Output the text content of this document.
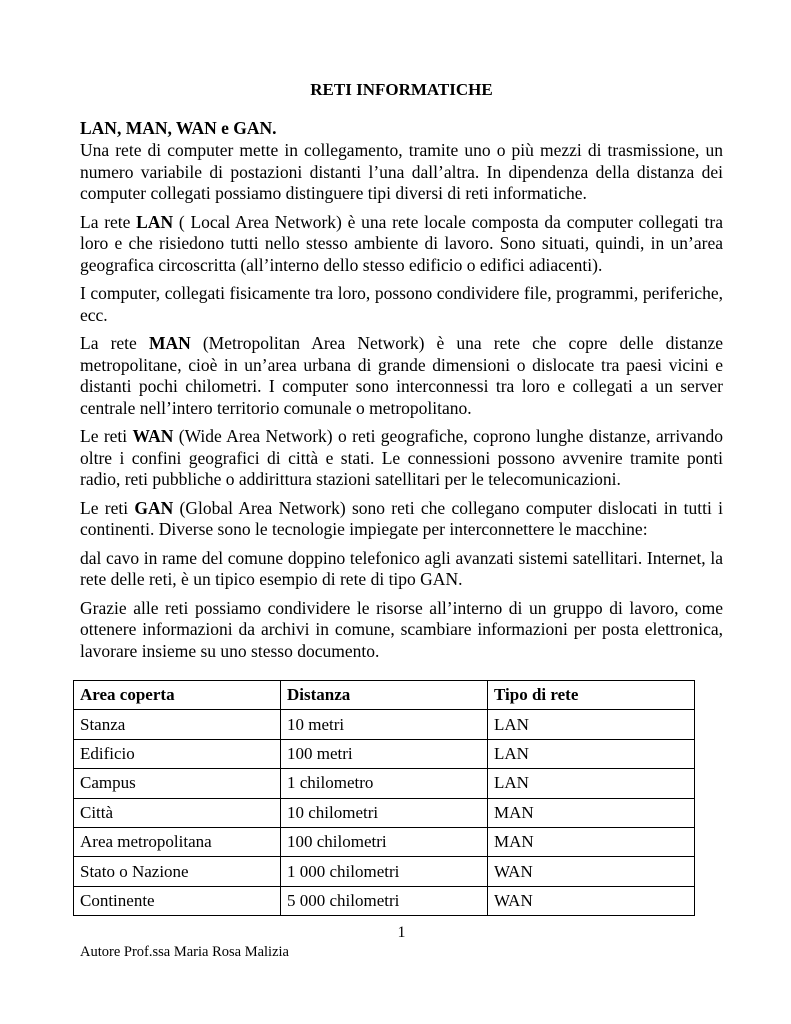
RETI INFORMATICHE
LAN, MAN, WAN e GAN.

Una rete di computer mette in collegamento, tramite uno o più mezzi di trasmissione, un numero variabile di postazioni distanti l’una dall’altra. In dipendenza della distanza dei computer collegati possiamo distinguere tipi diversi di reti informatiche.

La rete LAN ( Local Area Network) è una rete locale composta da computer collegati tra loro e che risiedono tutti nello stesso ambiente di lavoro. Sono situati, quindi, in un’area geografica circoscritta (all’interno dello stesso edificio o edifici adiacenti).

I computer, collegati fisicamente tra loro, possono condividere file, programmi, periferiche, ecc.

La rete MAN (Metropolitan Area Network) è una rete che copre delle distanze metropolitane, cioè in un’area urbana di grande dimensioni o dislocate tra paesi vicini e distanti pochi chilometri. I computer sono interconnessi tra loro e collegati a un server centrale nell’intero territorio comunale o metropolitano.

Le reti WAN (Wide Area Network) o reti geografiche, coprono lunghe distanze, arrivando oltre i confini geografici di città e stati. Le connessioni possono avvenire tramite ponti radio, reti pubbliche o addirittura stazioni satellitari per le telecomunicazioni.

Le reti GAN (Global Area Network) sono reti che collegano computer dislocati in tutti i continenti. Diverse sono le tecnologie impiegate per interconnettere le macchine:

dal cavo in rame del comune doppino telefonico agli avanzati sistemi satellitari. Internet, la rete delle reti, è un tipico esempio di rete di tipo GAN.

Grazie alle reti possiamo condividere le risorse all’interno di un gruppo di lavoro, come ottenere informazioni da archivi in comune, scambiare informazioni per posta elettronica, lavorare insieme su uno stesso documento.

Area coperta	Distanza	Tipo di rete
Stanza	10 metri	LAN
Edificio	100 metri	LAN
Campus	1 chilometro	LAN
Città	10 chilometri	MAN
Area metropolitana	100 chilometri	MAN
Stato o Nazione	1 000 chilometri	WAN
Continente	5 000 chilometri	WAN
1
Autore Prof.ssa Maria Rosa Malizia
